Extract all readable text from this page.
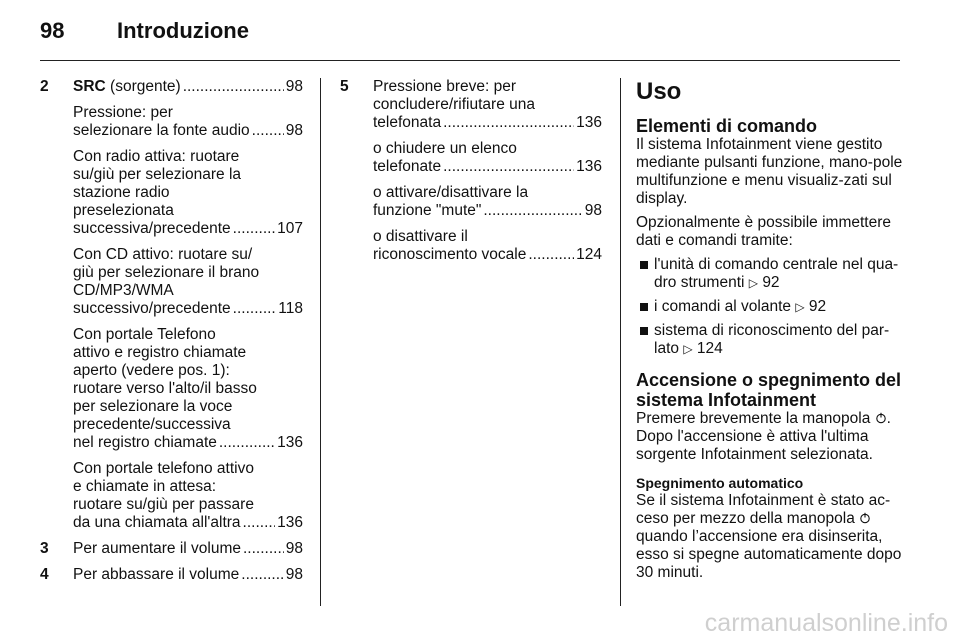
98 Introduzione
2 SRC (sorgente) .....	98
Pressione: per
selezionare la fonte audio ..... 98
Con radio attiva: ruotare
su/giù per selezionare la
stazione radio
preselezionata
successiva/precedente .....	107
Con CD attivo: ruotare su/
giù per selezionare il brano
CD/MP3/WMA
successivo/precedente .....	118
Con portale Telefono
attivo e registro chiamate
aperto (vedere pos. 1):
ruotare verso l'alto/il basso
per selezionare la voce
precedente/successiva
nel registro chiamate .....	136
Con portale telefono attivo
e chiamate in attesa:
ruotare su/giù per passare
da una chiamata all'altra ..... 136
3 Per aumentare il volume .....	98
4 Per abbassare il volume .....	98
5 Pressione breve: per
concludere/rifiutare una
telefonata .....	136
o chiudere un elenco
telefonate .....	136
o attivare/disattivare la
funzione "mute" .....	98
o disattivare il
riconoscimento vocale .....	124
Uso
Elementi di comando
Il sistema Infotainment viene gestito mediante pulsanti funzione, mano-pole multifunzione e menu visualiz-zati sul display.
Opzionalmente è possibile immettere dati e comandi tramite:
l'unità di comando centrale nel qua-dro strumenti ▷ 92
i comandi al volante ▷ 92
sistema di riconoscimento del par-lato ▷ 124
Accensione o spegnimento del
sistema Infotainment
Premere brevemente la manopola . Dopo l'accensione è attiva l'ultima sorgente Infotainment selezionata.
Spegnimento automatico
Se il sistema Infotainment è stato ac-ceso per mezzo della manopola  quando l’accensione era disinserita, esso si spegne automaticamente dopo 30 minuti.
carmanualsonline.info
